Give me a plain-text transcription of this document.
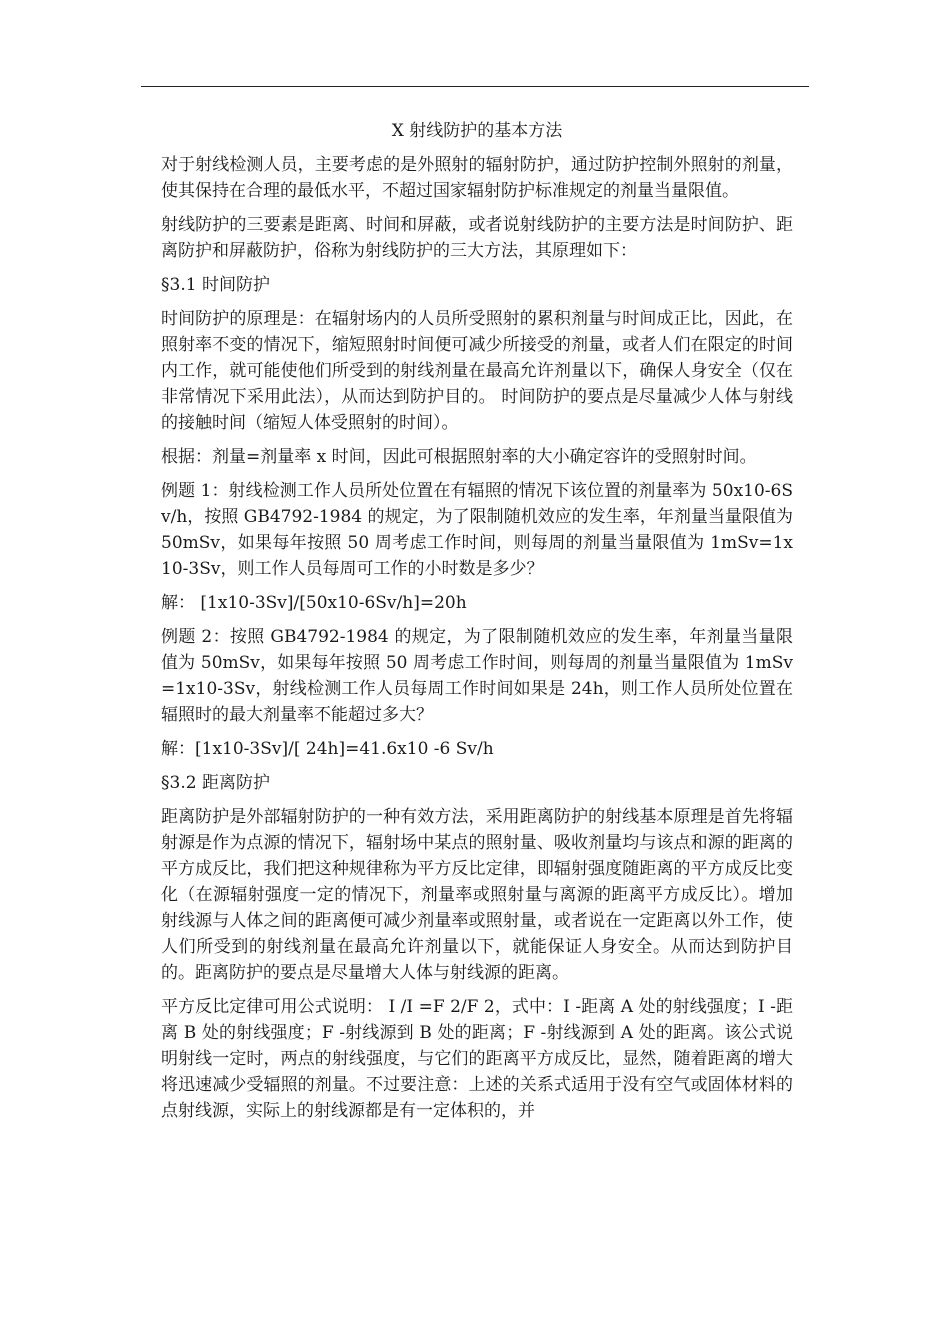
X 射线防护的基本方法

对于射线检测人员，主要考虑的是外照射的辐射防护，通过防护控制外照射的剂量，使其保持在合理的最低水平，不超过国家辐射防护标准规定的剂量当量限值。

射线防护的三要素是距离、时间和屏蔽，或者说射线防护的主要方法是时间防护、距离防护和屏蔽防护，俗称为射线防护的三大方法，其原理如下：

§3.1 时间防护

时间防护的原理是：在辐射场内的人员所受照射的累积剂量与时间成正比，因此，在照射率不变的情况下，缩短照射时间便可减少所接受的剂量，或者人们在限定的时间内工作，就可能使他们所受到的射线剂量在最高允许剂量以下，确保人身安全（仅在非常情况下采用此法），从而达到防护目的。 时间防护的要点是尽量减少人体与射线的接触时间（缩短人体受照射的时间）。

根据：剂量=剂量率 x 时间，因此可根据照射率的大小确定容许的受照射时间。

例题 1：射线检测工作人员所处位置在有辐照的情况下该位置的剂量率为 50x10-6Sv/h，按照 GB4792-1984 的规定，为了限制随机效应的发生率，年剂量当量限值为 50mSv，如果每年按照 50 周考虑工作时间，则每周的剂量当量限值为 1mSv=1x10-3Sv，则工作人员每周可工作的小时数是多少？

解： [1x10-3Sv]/[50x10-6Sv/h]=20h

例题 2：按照 GB4792-1984 的规定，为了限制随机效应的发生率，年剂量当量限值为 50mSv，如果每年按照 50 周考虑工作时间，则每周的剂量当量限值为 1mSv=1x10-3Sv，射线检测工作人员每周工作时间如果是 24h，则工作人员所处位置在辐照时的最大剂量率不能超过多大？

解：[1x10-3Sv]/[ 24h]=41.6x10 -6 Sv/h

§3.2 距离防护

距离防护是外部辐射防护的一种有效方法，采用距离防护的射线基本原理是首先将辐射源是作为点源的情况下，辐射场中某点的照射量、吸收剂量均与该点和源的距离的平方成反比，我们把这种规律称为平方反比定律，即辐射强度随距离的平方成反比变化（在源辐射强度一定的情况下，剂量率或照射量与离源的距离平方成反比）。增加射线源与人体之间的距离便可减少剂量率或照射量，或者说在一定距离以外工作，使人们所受到的射线剂量在最高允许剂量以下，就能保证人身安全。从而达到防护目的。距离防护的要点是尽量增大人体与射线源的距离。

平方反比定律可用公式说明： I /I =F 2/F 2，式中：I -距离 A 处的射线强度；I -距离 B 处的射线强度；F -射线源到 B 处的距离；F -射线源到 A 处的距离。该公式说明射线一定时，两点的射线强度，与它们的距离平方成反比，显然，随着距离的增大将迅速减少受辐照的剂量。不过要注意：上述的关系式适用于没有空气或固体材料的点射线源，实际上的射线源都是有一定体积的，并
